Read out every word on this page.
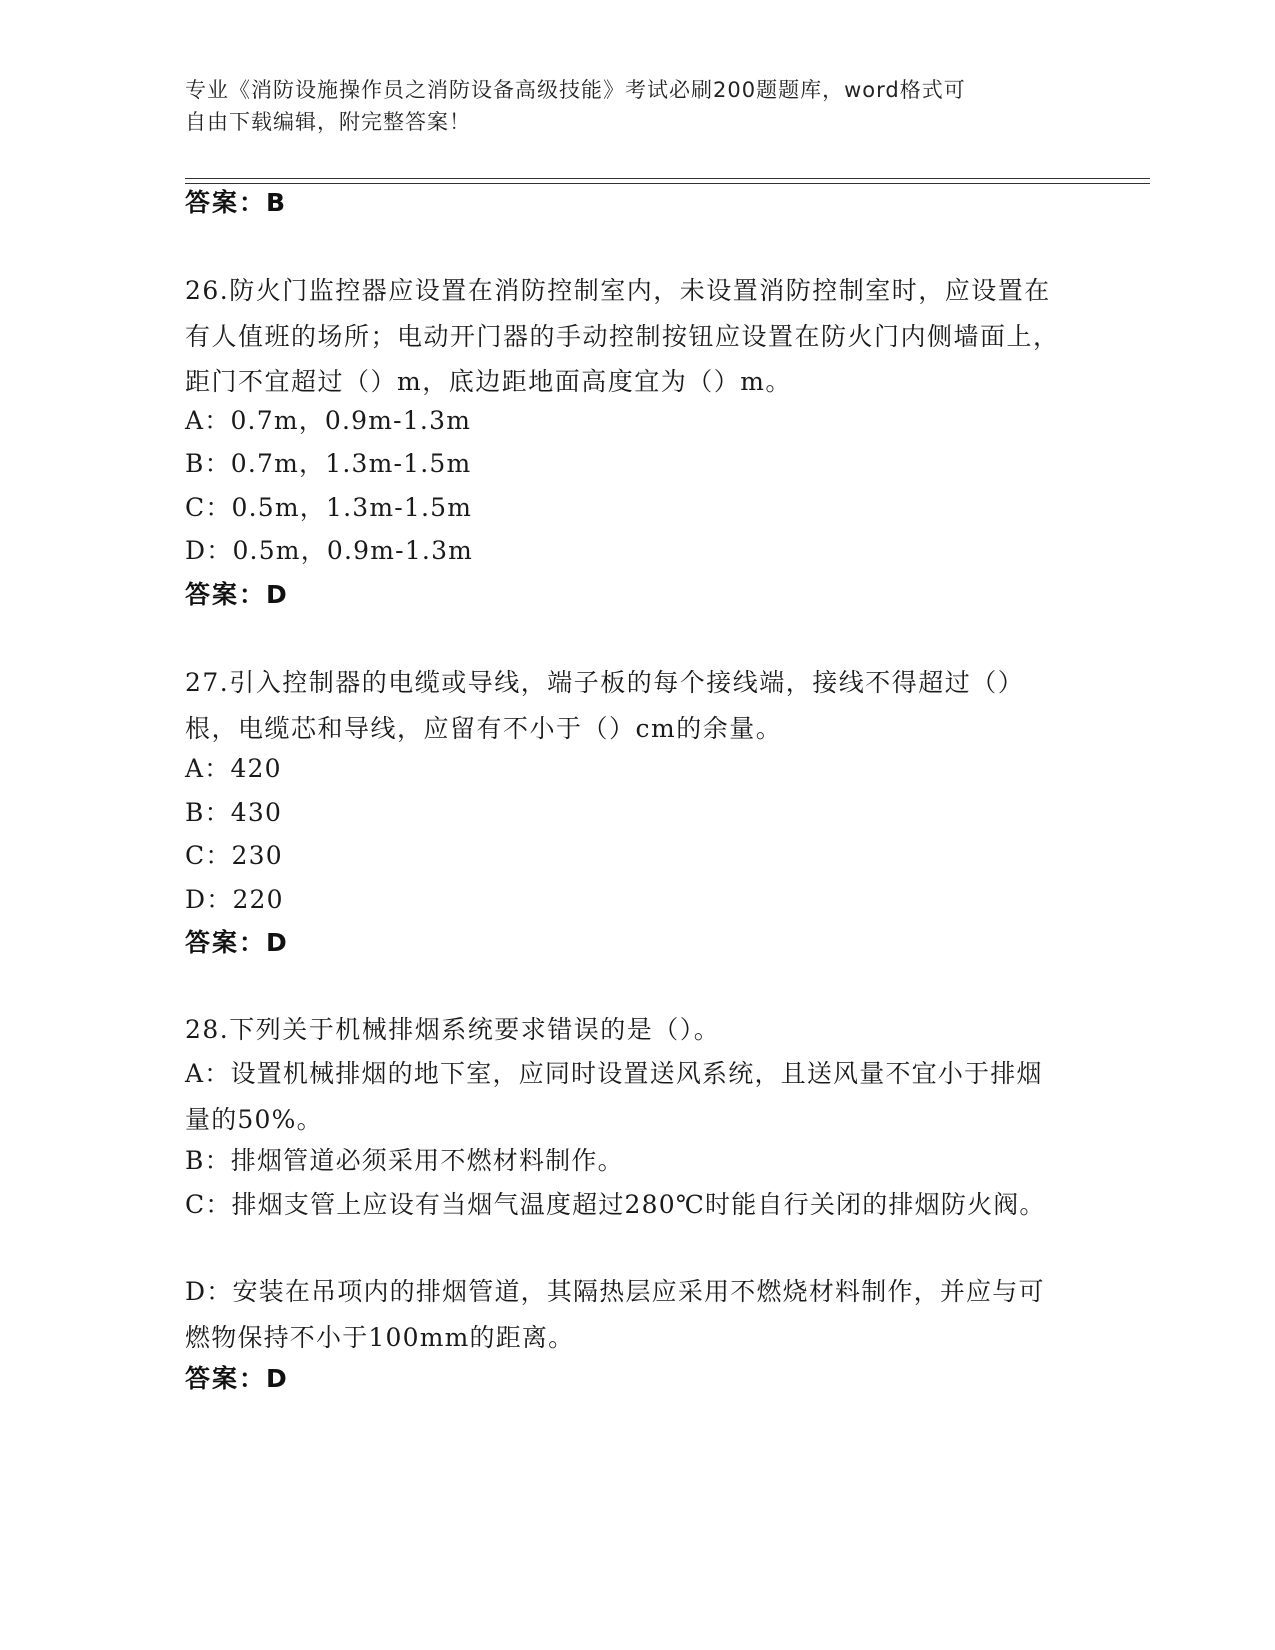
专业《消防设施操作员之消防设备高级技能》考试必刷200题题库，word格式可
自由下载编辑，附完整答案！
答案：B

26.防火门监控器应设置在消防控制室内，未设置消防控制室时，应设置在有人值班的场所；电动开门器的手动控制按钮应设置在防火门内侧墙面上，距门不宜超过（）m，底边距地面高度宜为（）m。

A：0.7m，0.9m-1.3m

B：0.7m，1.3m-1.5m

C：0.5m，1.3m-1.5m

D：0.5m，0.9m-1.3m

答案：D

27.引入控制器的电缆或导线，端子板的每个接线端，接线不得超过（）根，电缆芯和导线，应留有不小于（）cm的余量。

A：420

B：430

C：230

D：220

答案：D

28.下列关于机械排烟系统要求错误的是（）。

A：设置机械排烟的地下室，应同时设置送风系统，且送风量不宜小于排烟量的50%。

B：排烟管道必须采用不燃材料制作。

C：排烟支管上应设有当烟气温度超过280℃时能自行关闭的排烟防火阀。

D：安装在吊项内的排烟管道，其隔热层应采用不燃烧材料制作，并应与可燃物保持不小于100mm的距离。

答案：D
